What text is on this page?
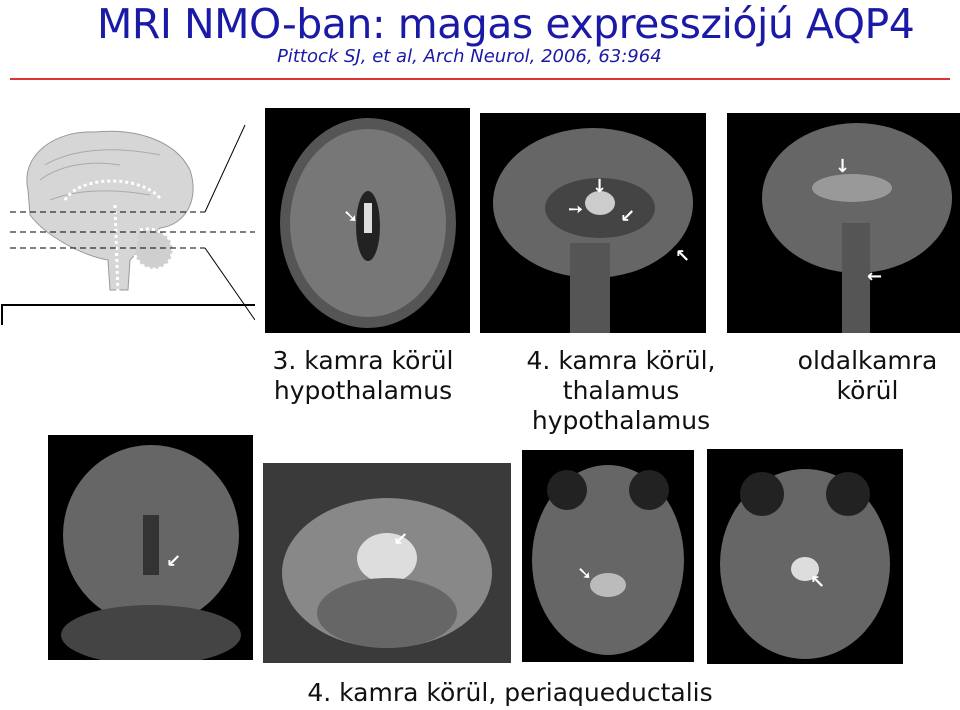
MRI NMO-ban: magas expressziójú AQP4
Pittock SJ, et al, Arch Neurol, 2006, 63:964
➘
↓
➙ ↙
↖
↓
←
3. kamra körül
hypothalamus
4. kamra körül, thalamus
hypothalamus
oldalkamra
körül
↙
↙
➘	↖
4. kamra körül, periaqueductalis
